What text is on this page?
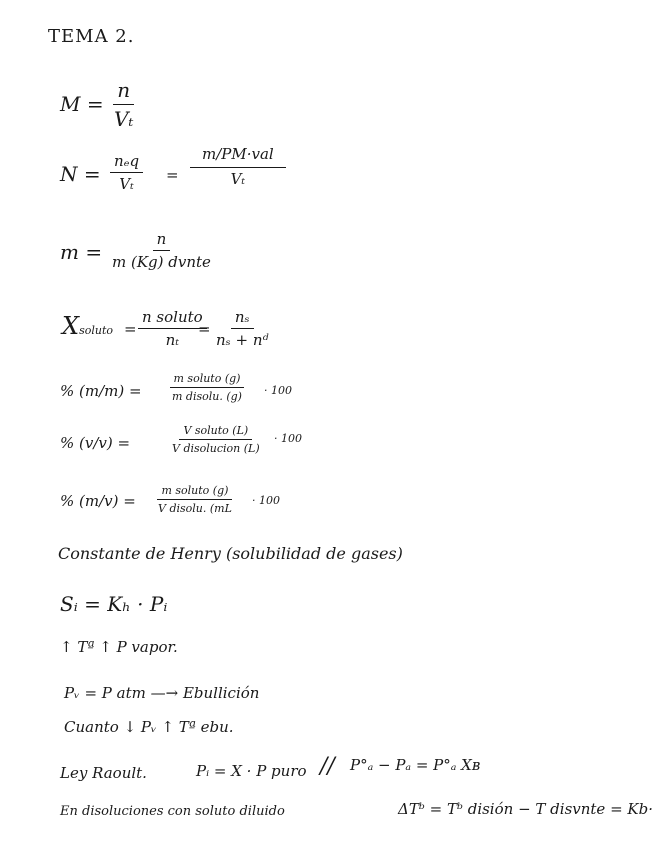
TEMA 2.
$M = \frac{n}{\text{Vₜ}}$
N =
nₑq
Vₜ =
m/PM·val
Vₜ
m =
n
m (Kg) dvnte
Xsoluto =
n soluto
nₜ
= $\frac{\text{nₛ}}{\text{nₛ + nᵈ}}$
% (m/m) =
m soluto (g)
m disolu. (g)	· 100
% (v/v) =
V soluto (L)
V disolucion (L)
· 100
% (m/v) =
m soluto (g)
V disolu. (mL
· 100
Constante de Henry (solubilidad de gases)
Sᵢ = Kₕ · Pᵢ
↑ Tª ↑ P vapor.
Pᵥ = P atm —→ Ebullición
Cuanto ↓ Pᵥ ↑ Tª ebu.
Ley Raoult.	Pᵢ = X · P puro // P°ₐ − Pₐ = P°ₐ Xʙ
En disoluciones con soluto diluido	ΔTᵇ = Tᵇ disión − T disvnte = Kb·
